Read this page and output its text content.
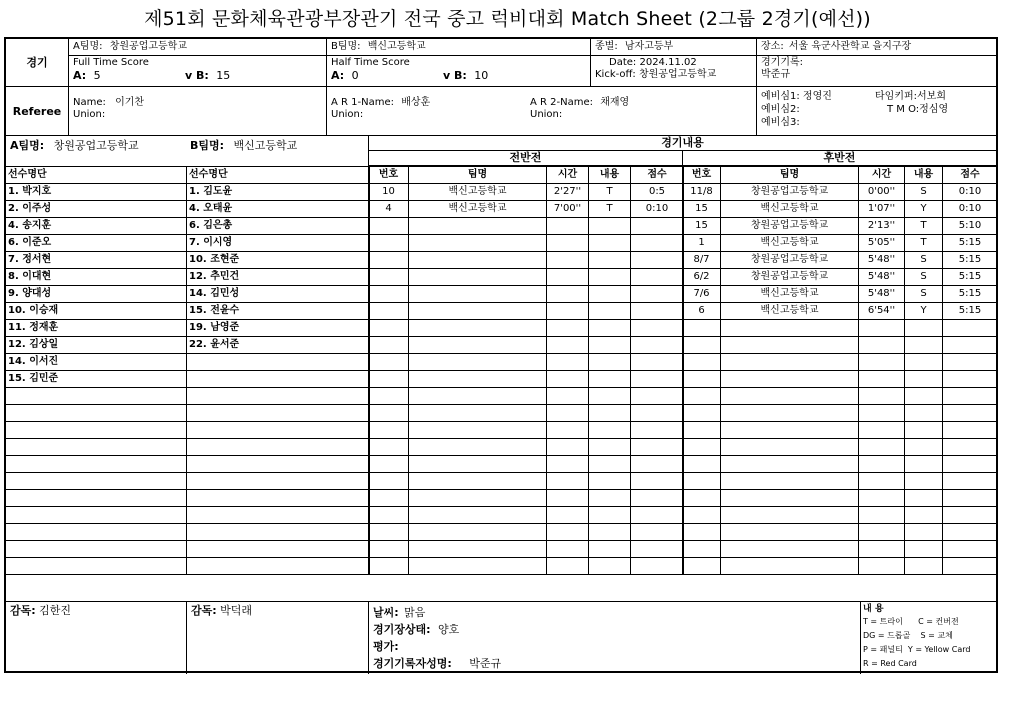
제51회 문화체육관광부장관기 전국 중고 럭비대회 Match Sheet (2그룹 2경기(예선))
경기
A팀명: 창원공업고등학교	B팀명: 백신고등학교	종별: 남자고등부	장소: 서울 육군사관학교 을지구장
Full Time Score
A: 5	v B: 15
Half Time Score
A: 0	v B: 10
Date: 2024.11.02
Kick-off: 창원공업고등학교
경기기록:
박준규
Referee
Name: 이기찬
Union:
A R 1-Name: 배상훈
Union:
A R 2-Name: 채재영
Union:
예비심1: 정영진	타임키퍼:서보희
예비심2:	T M O:정심영
예비심3:
A팀명: 창원공업고등학교	B팀명: 백신고등학교	경기내용
전반전	후반전
선수명단	선수명단
1. 박지호	1. 김도윤
2. 이주성	4. 오태윤
4. 송지훈	6. 김은총
6. 이준오	7. 이시영
7. 정서현	10. 조현준
8. 이대현	12. 추민건
9. 양대성	14. 김민성
10. 이승재	15. 전윤수
11. 정재훈	19. 남영준
12. 김상일	22. 윤서준
14. 이서진	
15. 김민준	

번호	팀명	시간	내용	점수
10	백신고등학교	2'27''	T	0:5
4	백신고등학교	7'00''	T	0:10

번호	팀명	시간	내용	점수
11/8	창원공업고등학교	0'00''	S	0:10
15	백신고등학교	1'07''	Y	0:10
15	창원공업고등학교	2'13''	T	5:10
1	백신고등학교	5'05''	T	5:15
8/7	창원공업고등학교	5'48''	S	5:15
6/2	창원공업고등학교	5'48''	S	5:15
7/6	백신고등학교	5'48''	S	5:15
6	백신고등학교	6'54''	Y	5:15

감독: 김한진	감독: 박덕래	날씨: 맑음
경기장상태: 양호
평가:
경기기록자성명: 박준규
내 용
T = 트라이      C = 컨버젼
DG = 드롭골    S = 교체
P = 패널티  Y = Yellow Card
R = Red Card
